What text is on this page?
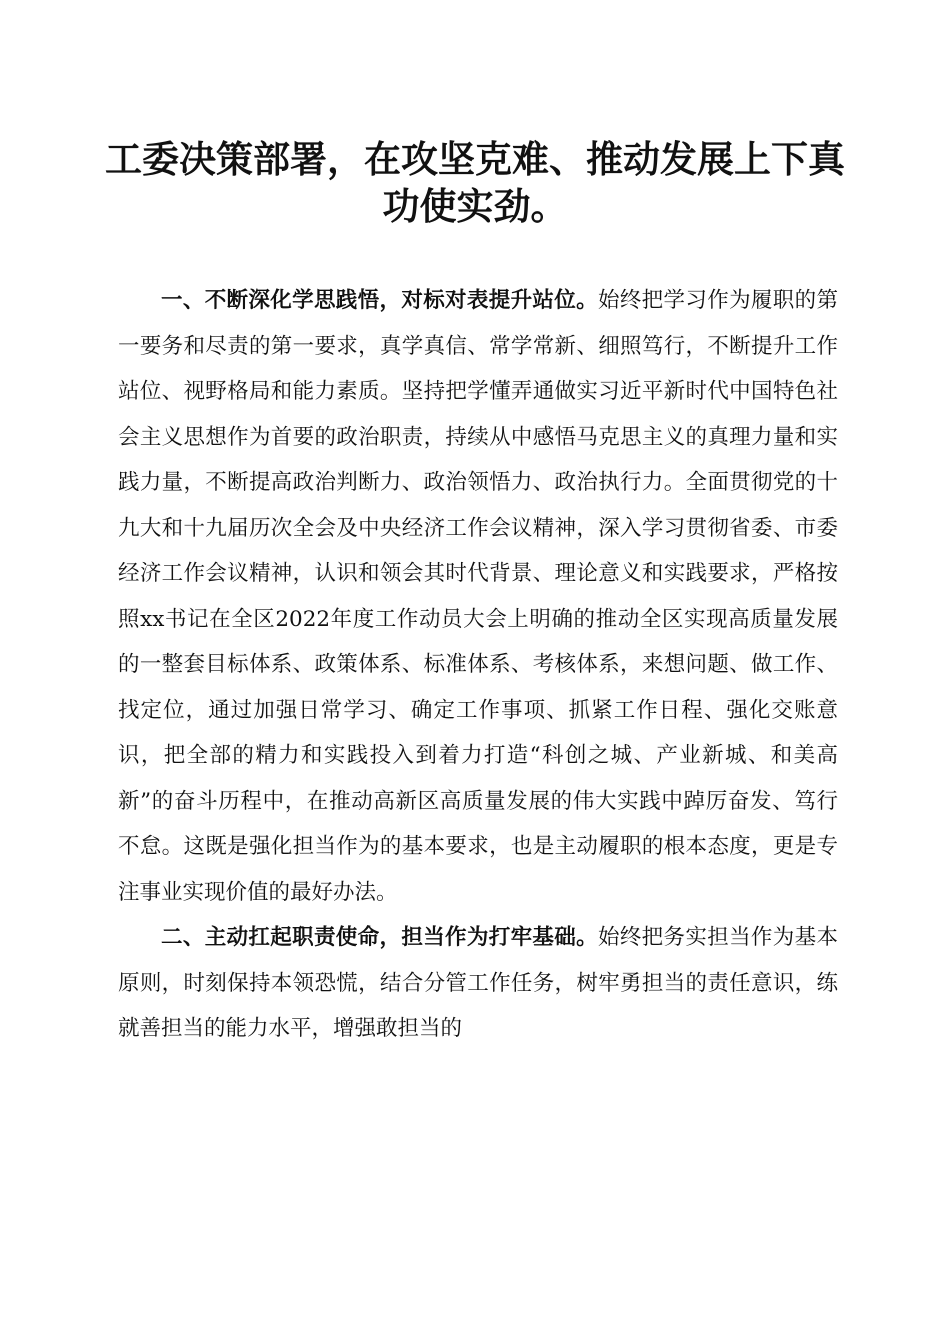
工委决策部署，在攻坚克难、推动发展上下真
功使实劲。

一、不断深化学思践悟，对标对表提升站位。始终把学习作为履职的第一要务和尽责的第一要求，真学真信、常学常新、细照笃行，不断提升工作站位、视野格局和能力素质。坚持把学懂弄通做实习近平新时代中国特色社会主义思想作为首要的政治职责，持续从中感悟马克思主义的真理力量和实践力量，不断提高政治判断力、政治领悟力、政治执行力。全面贯彻党的十九大和十九届历次全会及中央经济工作会议精神，深入学习贯彻省委、市委经济工作会议精神，认识和领会其时代背景、理论意义和实践要求，严格按照xx书记在全区2022年度工作动员大会上明确的推动全区实现高质量发展的一整套目标体系、政策体系、标准体系、考核体系，来想问题、做工作、找定位，通过加强日常学习、确定工作事项、抓紧工作日程、强化交账意识，把全部的精力和实践投入到着力打造“科创之城、产业新城、和美高新”的奋斗历程中，在推动高新区高质量发展的伟大实践中踔厉奋发、笃行不怠。这既是强化担当作为的基本要求，也是主动履职的根本态度，更是专注事业实现价值的最好办法。

二、主动扛起职责使命，担当作为打牢基础。始终把务实担当作为基本原则，时刻保持本领恐慌，结合分管工作任务，树牢勇担当的责任意识，练就善担当的能力水平，增强敢担当的
